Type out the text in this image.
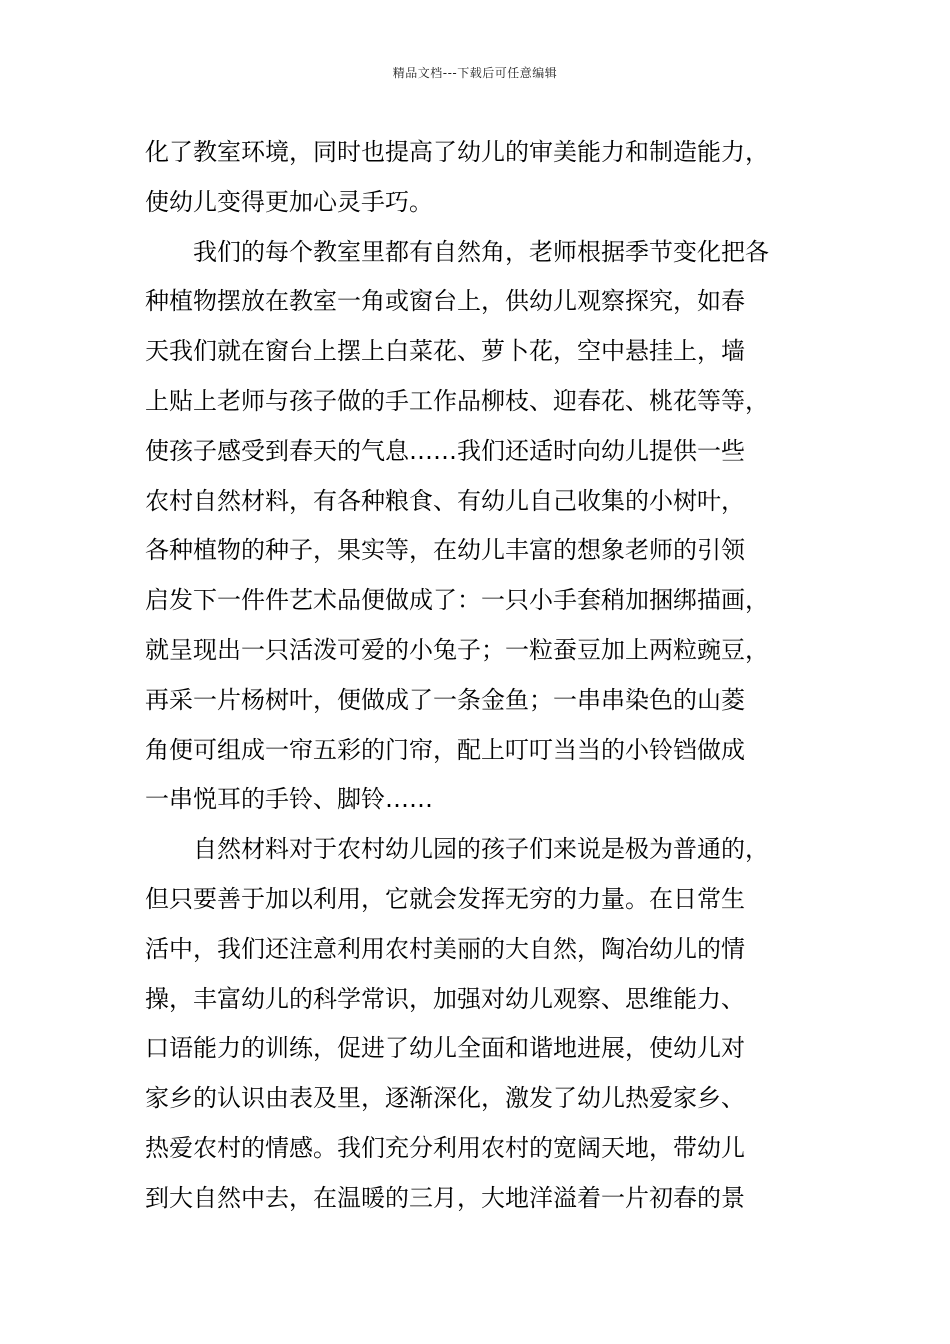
精品文档---下载后可任意编辑
化了教室环境，同时也提高了幼儿的审美能力和制造能力，
使幼儿变得更加心灵手巧。
我们的每个教室里都有自然角，老师根据季节变化把各
种植物摆放在教室一角或窗台上，供幼儿观察探究，如春
天我们就在窗台上摆上白菜花、萝卜花，空中悬挂上，墙
上贴上老师与孩子做的手工作品柳枝、迎春花、桃花等等，
使孩子感受到春天的气息……我们还适时向幼儿提供一些
农村自然材料，有各种粮食、有幼儿自己收集的小树叶，
各种植物的种子，果实等，在幼儿丰富的想象老师的引领
启发下一件件艺术品便做成了：一只小手套稍加捆绑描画，
就呈现出一只活泼可爱的小兔子；一粒蚕豆加上两粒豌豆，
再采一片杨树叶，便做成了一条金鱼；一串串染色的山菱
角便可组成一帘五彩的门帘，配上叮叮当当的小铃铛做成
一串悦耳的手铃、脚铃……
自然材料对于农村幼儿园的孩子们来说是极为普通的，
但只要善于加以利用，它就会发挥无穷的力量。在日常生
活中，我们还注意利用农村美丽的大自然，陶冶幼儿的情
操，丰富幼儿的科学常识，加强对幼儿观察、思维能力、
口语能力的训练，促进了幼儿全面和谐地进展，使幼儿对
家乡的认识由表及里，逐渐深化，激发了幼儿热爱家乡、
热爱农村的情感。我们充分利用农村的宽阔天地，带幼儿
到大自然中去，在温暖的三月，大地洋溢着一片初春的景
